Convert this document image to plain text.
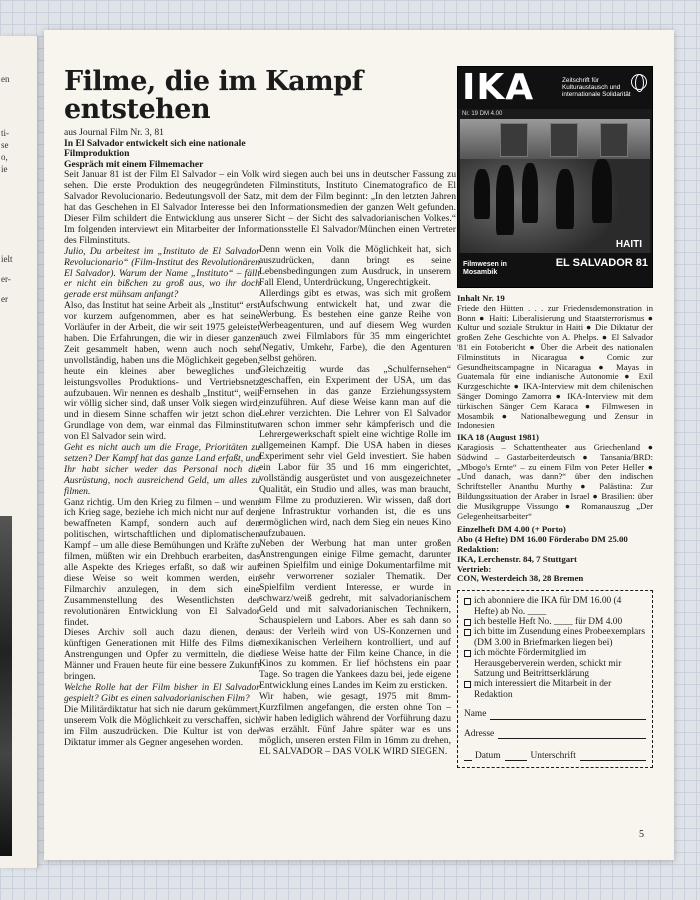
en
ti-
se
o,
ie
ielt
er-
er
Filme, die im Kampf
entstehen
aus Journal Film Nr. 3, 81
In El Salvador entwickelt sich eine nationale Filmproduktion
Gespräch mit einem Filmemacher
Seit Januar 81 ist der Film El Salvador – ein Volk wird siegen auch bei uns in deutscher Fassung zu sehen. Die erste Produktion des neugegründeten Filminstituts, Instituto Cinematografico de El Salvador Revolucionario. Bedeutungsvoll der Satz, mit dem der Film beginnt: „In den letzten Jahren hat das Geschehen in El Salvador Interesse bei den Informationsmedien der ganzen Welt gefunden. Dieser Film schildert die Entwicklung aus unserer Sicht – der Sicht des salvadorianischen Volkes.“ Im folgenden interviewt ein Mitarbeiter der Informationsstelle El Salvador/München einen Vertreter des Filminstituts.

Julio, Du arbeitest im „Instituto de El Salvador Revolucionario“ (Film-Institut des Revolutionären El Salvador). Warum der Name „Instituto“ – fällt er nicht ein bißchen zu groß aus, wo ihr doch gerade erst mühsam anfangt?

Also, das Institut hat seine Arbeit als „Institut“ erst vor kurzem aufgenommen, aber es hat seine Vorläufer in der Arbeit, die wir seit 1975 geleistet haben. Die Erfahrungen, die wir in dieser ganzen Zeit gesammelt haben, wenn auch noch sehr unvollständig, haben uns die Möglichkeit gegeben, heute ein kleines aber bewegliches und leistungsvolles Produktions- und Vertriebsnetz aufzubauen. Wir nennen es deshalb „Institut“, weil wir völlig sicher sind, daß unser Volk siegen wird, und in diesem Sinne schaffen wir jetzt schon die Grundlage von dem, war einmal das Filminstitut von El Salvador sein wird.

Geht es nicht auch um die Frage, Prioritäten zu setzen? Der Kampf hat das ganze Land erfaßt, und Ihr habt sicher weder das Personal noch die Ausrüstung, noch ausreichend Geld, um alles zu filmen.

Ganz richtig. Um den Krieg zu filmen – und wenn ich Krieg sage, beziehe ich mich nicht nur auf den bewaffneten Kampf, sondern auch auf den politischen, wirtschaftlichen und diplomatischen Kampf – um alle diese Bemühungen und Kräfte zu filmen, müßten wir ein Drehbuch erarbeiten, das alle Aspekte des Krieges erfaßt, so daß wir auf diese Weise so weit kommen werden, ein Filmarchiv anzulegen, in dem sich eine Zusammenstellung des Wesentlichsten der revolutionären Entwicklung von El Salvador findet.

Dieses Archiv soll auch dazu dienen, den künftigen Generationen mit Hilfe des Films die Anstrengungen und Opfer zu vermitteln, die die Männer und Frauen heute für eine bessere Zukunft bringen.

Welche Rolle hat der Film bisher in El Salvador gespielt? Gibt es einen salvadorianischen Film?

Die Militärdiktatur hat sich nie darum gekümmert, unserem Volk die Möglichkeit zu verschaffen, sich im Film auszudrücken. Die Kultur ist von der Diktatur immer als Gegner angesehen worden.

Denn wenn ein Volk die Möglichkeit hat, sich auszudrücken, dann bringt es seine Lebensbedingungen zum Ausdruck, in unserem Fall Elend, Unterdrückung, Ungerechtigkeit.

Allerdings gibt es etwas, was sich mit großem Aufschwung entwickelt hat, und zwar die Werbung. Es bestehen eine ganze Reihe von Werbeagenturen, und auf diesem Weg wurden auch zwei Filmlabors für 35 mm eingerichtet (Negativ, Umkehr, Farbe), die den Agenturen selbst gehören.

Gleichzeitig wurde das „Schulfernsehen“ geschaffen, ein Experiment der USA, um das Fernsehen in das ganze Erziehungssystem einzuführen. Auf diese Weise kann man auf die Lehrer verzichten. Die Lehrer von El Salvador waren schon immer sehr kämpferisch und die Lehrergewerkschaft spielt eine wichtige Rolle im allgemeinen Kampf. Die USA haben in dieses Experiment sehr viel Geld investiert. Sie haben ein Labor für 35 und 16 mm eingerichtet, vollständig ausgerüstet und von ausgezeichneter Qualität, ein Studio und alles, was man braucht, um Filme zu produzieren. Wir wissen, daß dort jene Infrastruktur vorhanden ist, die es uns ermöglichen wird, nach dem Sieg ein neues Kino aufzubauen.

Neben der Werbung hat man unter großen Anstrengungen einige Filme gemacht, darunter einen Spielfilm und einige Dokumentarfilme mit sehr verworrener sozialer Thematik. Der Spielfilm verdient Interesse, er wurde in schwarz/weiß gedreht, mit salvadorianischem Geld und mit salvadorianischen Technikern, Schauspielern und Labors. Aber es sah dann so aus: der Verleih wird von US-Konzernen und mexikanischen Verleihern kontrolliert, und auf diese Weise hatte der Film keine Chance, in die Kinos zu kommen. Er lief höchstens ein paar Tage. So tragen die Yankees dazu bei, jede eigene Entwicklung eines Landes im Keim zu ersticken.

Wir haben, wie gesagt, 1975 mit 8mm-Kurzfilmen angefangen, die ersten ohne Ton – wir haben lediglich während der Vorführung dazu was erzählt. Fünf Jahre später war es uns möglich, unseren ersten Film in 16mm zu drehen, EL SALVADOR – DAS VOLK WIRD SIEGEN.

IKA	Zeitschrift für Kulturaustausch und internationale Solidarität
Nr. 19 DM 4.00
HAITI
Filmwesen in Mosambik
EL SALVADOR 81
Inhalt Nr. 19
Friede den Hütten . . . zur Friedensdemonstration in Bonn ● Haiti: Liberalisierung und Staatsterrorismus ● Kultur und soziale Struktur in Haiti ● Die Diktatur der großen Zehe Geschichte von A. Phelps. ● El Salvador '81 ein Fotobericht ● Über die Arbeit des nationalen Filminstituts in Nicaragua ● Comic zur Gesundheitscampagne in Nicaragua ● Mayas in Guatemala für eine indianische Autonomie ● Exil Kurzgeschichte ● IKA-Interview mit dem chilenischen Sänger Domingo Zamorra ● IKA-Interview mit dem türkischen Sänger Cem Karaca ● Filmwesen in Mosambik ● Nationalbewegung und Zensur in Indonesien
IKA 18 (August 1981)
Karagiosis – Schattentheater aus Griechenland ● Südwind – Gastarbeiterdeutsch ● Tansania/BRD: „Mbogo's Ernte“ – zu einem Film von Peter Heller ● „Und danach, was dann?“ über den indischen Schriftsteller Ananthu Murthy ● Palästina: Zur Bildungssituation der Araber in Israel ● Brasilien: über die Musikgruppe Vissungo ● Romanauszug „Der Gelegenheitsarbeiter“
Einzelheft DM 4.00 (+ Porto)
Abo (4 Hefte) DM 16.00 Förderabo DM 25.00
Redaktion:
IKA, Lerchenstr. 84, 7 Stuttgart
Vertrieb:
CON, Westerdeich 38, 28 Bremen
ich abonniere die IKA für DM 16.00 (4 Hefte) ab No. ____
ich bestelle Heft No. ____ für DM 4.00
ich bitte im Zusendung eines Probeexemplars (DM 3.00 in Briefmarken liegen bei)
ich möchte Fördermitglied im Herausgeberverein werden, schickt mir Satzung und Beitrittserklärung
mich interessiert die Mitarbeit in der Redaktion
Name
Adresse
Datum	Unterschrift
5
